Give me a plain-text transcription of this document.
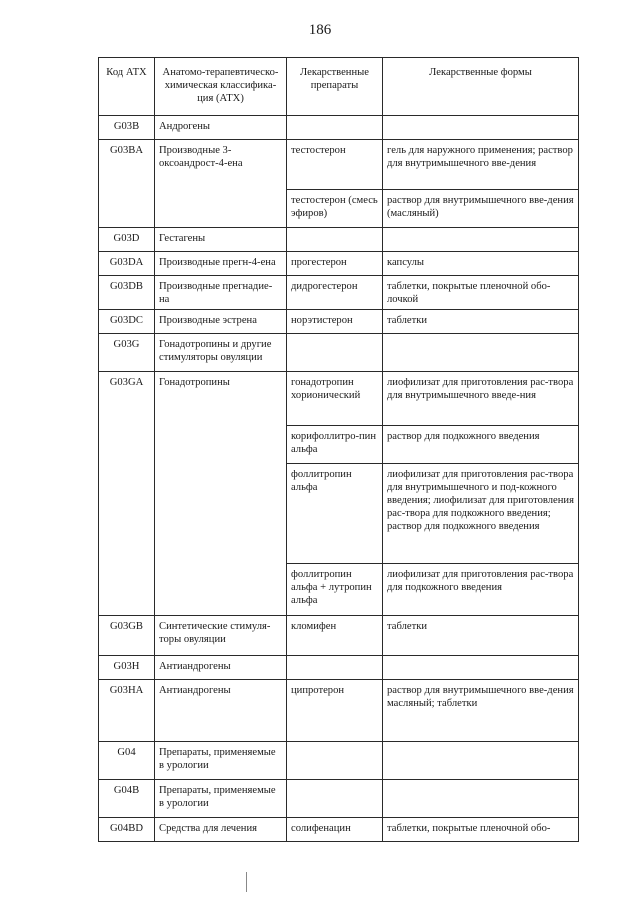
186
Код АТХ	Анатомо-терапевтическо-химическая классифика-ция (АТХ)	Лекарственные препараты	Лекарственные формы
G03B	Андрогены		
G03BA	Производные 3-оксоандрост-4-ена	тестостерон	гель для наружного применения; раствор для внутримышечного вве-дения
		тестостерон (смесь эфиров)	раствор для внутримышечного вве-дения (масляный)
G03D	Гестагены		
G03DA	Производные прегн-4-ена	прогестерон	капсулы
G03DB	Производные прегнадие-на	дидрогестерон	таблетки, покрытые пленочной обо-лочкой
G03DC	Производные эстрена	норэтистерон	таблетки
G03G	Гонадотропины и другие стимуляторы овуляции		
G03GA	Гонадотропины	гонадотропин хорионический	лиофилизат для приготовления рас-твора для внутримышечного введе-ния
		корифоллитро-пин альфа	раствор для подкожного введения
		фоллитропин альфа	лиофилизат для приготовления рас-твора для внутримышечного и под-кожного введения; лиофилизат для приготовления рас-твора для подкожного введения; раствор для подкожного введения
		фоллитропин альфа + лутропин альфа	лиофилизат для приготовления рас-твора для подкожного введения
G03GB	Синтетические стимуля-торы овуляции	кломифен	таблетки
G03H	Антиандрогены		
G03HA	Антиандрогены	ципротерон	раствор для внутримышечного вве-дения масляный; таблетки
G04	Препараты, применяемые в урологии		
G04B	Препараты, применяемые в урологии		
G04BD	Средства для лечения	солифенацин	таблетки, покрытые пленочной обо-
